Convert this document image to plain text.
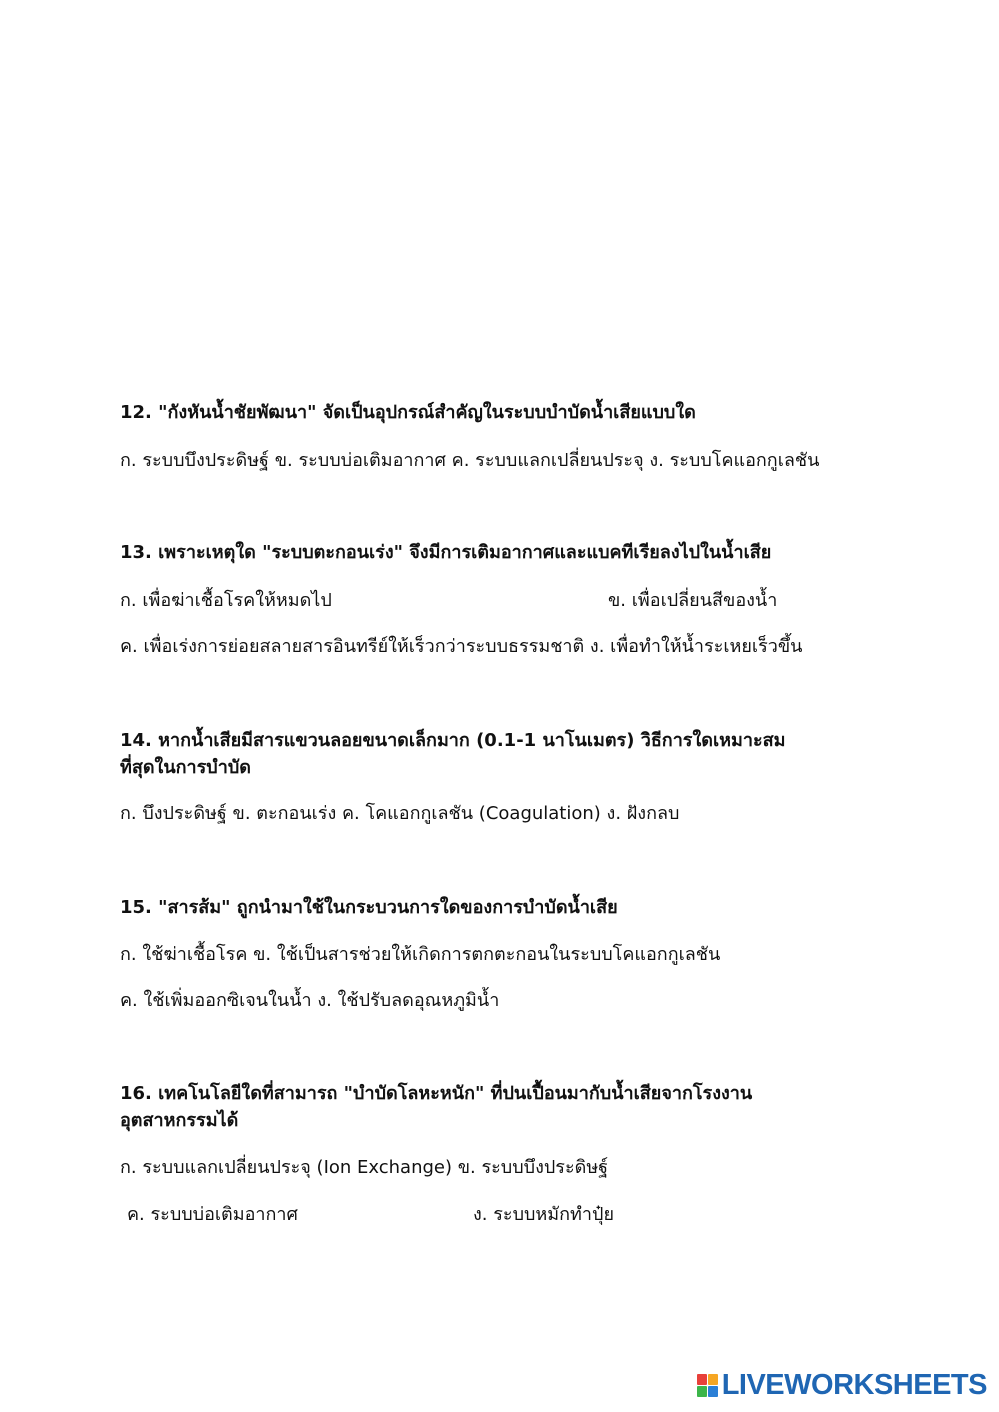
12. "กังหันน้ำชัยพัฒนา" จัดเป็นอุปกรณ์สำคัญในระบบบำบัดน้ำเสียแบบใด
ก. ระบบบึงประดิษฐ์ ข. ระบบบ่อเติมอากาศ ค. ระบบแลกเปลี่ยนประจุ ง. ระบบโคแอกกูเลชัน
13. เพราะเหตุใด "ระบบตะกอนเร่ง" จึงมีการเติมอากาศและแบคทีเรียลงไปในน้ำเสีย
ก. เพื่อฆ่าเชื้อโรคให้หมดไป	ข. เพื่อเปลี่ยนสีของน้ำ
ค. เพื่อเร่งการย่อยสลายสารอินทรีย์ให้เร็วกว่าระบบธรรมชาติ ง. เพื่อทำให้น้ำระเหยเร็วขึ้น
14. หากน้ำเสียมีสารแขวนลอยขนาดเล็กมาก (0.1-1 นาโนเมตร) วิธีการใดเหมาะสม
ที่สุดในการบำบัด
ก. บึงประดิษฐ์ ข. ตะกอนเร่ง ค. โคแอกกูเลชัน (Coagulation) ง. ฝังกลบ
15. "สารส้ม" ถูกนำมาใช้ในกระบวนการใดของการบำบัดน้ำเสีย
ก. ใช้ฆ่าเชื้อโรค ข. ใช้เป็นสารช่วยให้เกิดการตกตะกอนในระบบโคแอกกูเลชัน
ค. ใช้เพิ่มออกซิเจนในน้ำ ง. ใช้ปรับลดอุณหภูมิน้ำ
16. เทคโนโลยีใดที่สามารถ "บำบัดโลหะหนัก" ที่ปนเปื้อนมากับน้ำเสียจากโรงงาน
อุตสาหกรรมได้
ก. ระบบแลกเปลี่ยนประจุ (Ion Exchange) ข. ระบบบึงประดิษฐ์
ค. ระบบบ่อเติมอากาศ	ง. ระบบหมักทำปุ๋ย
LIVEWORKSHEETS
